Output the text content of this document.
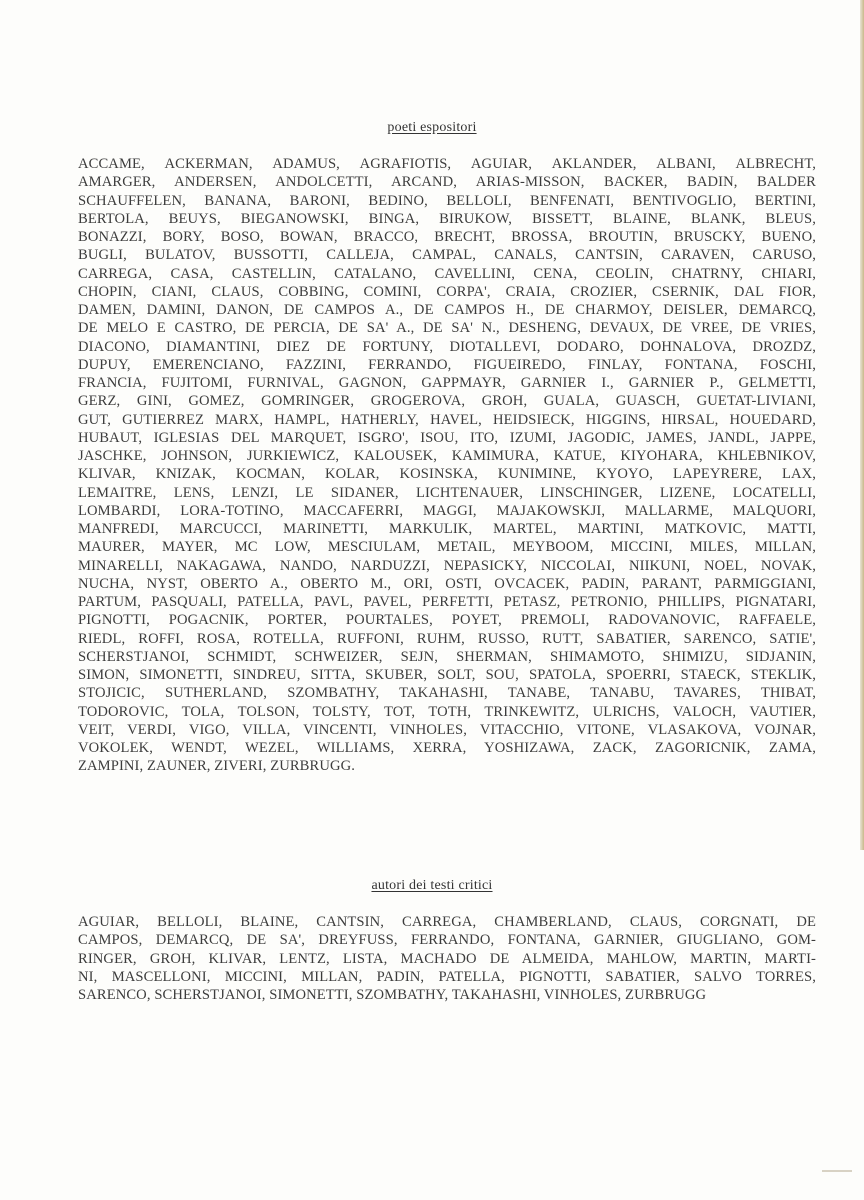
poeti espositori
ACCAME, ACKERMAN, ADAMUS, AGRAFIOTIS, AGUIAR, AKLANDER, ALBANI, ALBRECHT,
AMARGER, ANDERSEN, ANDOLCETTI, ARCAND, ARIAS-MISSON, BACKER, BADIN, BALDER
SCHAUFFELEN, BANANA, BARONI, BEDINO, BELLOLI, BENFENATI, BENTIVOGLIO, BERTINI,
BERTOLA, BEUYS, BIEGANOWSKI, BINGA, BIRUKOW, BISSETT, BLAINE, BLANK, BLEUS,
BONAZZI, BORY, BOSO, BOWAN, BRACCO, BRECHT, BROSSA, BROUTIN, BRUSCKY, BUENO,
BUGLI, BULATOV, BUSSOTTI, CALLEJA, CAMPAL, CANALS, CANTSIN, CARAVEN, CARUSO,
CARREGA, CASA, CASTELLIN, CATALANO, CAVELLINI, CENA, CEOLIN, CHATRNY, CHIARI,
CHOPIN, CIANI, CLAUS, COBBING, COMINI, CORPA', CRAIA, CROZIER, CSERNIK, DAL FIOR,
DAMEN, DAMINI, DANON, DE CAMPOS A., DE CAMPOS H., DE CHARMOY, DEISLER, DEMARCQ,
DE MELO E CASTRO, DE PERCIA, DE SA' A., DE SA' N., DESHENG, DEVAUX, DE VREE, DE VRIES,
DIACONO, DIAMANTINI, DIEZ DE FORTUNY, DIOTALLEVI, DODARO, DOHNALOVA, DROZDZ,
DUPUY, EMERENCIANO, FAZZINI, FERRANDO, FIGUEIREDO, FINLAY, FONTANA, FOSCHI,
FRANCIA, FUJITOMI, FURNIVAL, GAGNON, GAPPMAYR, GARNIER I., GARNIER P., GELMETTI,
GERZ, GINI, GOMEZ, GOMRINGER, GROGEROVA, GROH, GUALA, GUASCH, GUETAT-LIVIANI,
GUT, GUTIERREZ MARX, HAMPL, HATHERLY, HAVEL, HEIDSIECK, HIGGINS, HIRSAL, HOUEDARD,
HUBAUT, IGLESIAS DEL MARQUET, ISGRO', ISOU, ITO, IZUMI, JAGODIC, JAMES, JANDL, JAPPE,
JASCHKE, JOHNSON, JURKIEWICZ, KALOUSEK, KAMIMURA, KATUE, KIYOHARA, KHLEBNIKOV,
KLIVAR, KNIZAK, KOCMAN, KOLAR, KOSINSKA, KUNIMINE, KYOYO, LAPEYRERE, LAX,
LEMAITRE, LENS, LENZI, LE SIDANER, LICHTENAUER, LINSCHINGER, LIZENE, LOCATELLI,
LOMBARDI, LORA-TOTINO, MACCAFERRI, MAGGI, MAJAKOWSKJI, MALLARME, MALQUORI,
MANFREDI, MARCUCCI, MARINETTI, MARKULIK, MARTEL, MARTINI, MATKOVIC, MATTI,
MAURER, MAYER, MC LOW, MESCIULAM, METAIL, MEYBOOM, MICCINI, MILES, MILLAN,
MINARELLI, NAKAGAWA, NANDO, NARDUZZI, NEPASICKY, NICCOLAI, NIIKUNI, NOEL, NOVAK,
NUCHA, NYST, OBERTO A., OBERTO M., ORI, OSTI, OVCACEK, PADIN, PARANT, PARMIGGIANI,
PARTUM, PASQUALI, PATELLA, PAVL, PAVEL, PERFETTI, PETASZ, PETRONIO, PHILLIPS, PIGNATARI,
PIGNOTTI, POGACNIK, PORTER, POURTALES, POYET, PREMOLI, RADOVANOVIC, RAFFAELE,
RIEDL, ROFFI, ROSA, ROTELLA, RUFFONI, RUHM, RUSSO, RUTT, SABATIER, SARENCO, SATIE',
SCHERSTJANOI, SCHMIDT, SCHWEIZER, SEJN, SHERMAN, SHIMAMOTO, SHIMIZU, SIDJANIN,
SIMON, SIMONETTI, SINDREU, SITTA, SKUBER, SOLT, SOU, SPATOLA, SPOERRI, STAECK, STEKLIK,
STOJICIC, SUTHERLAND, SZOMBATHY, TAKAHASHI, TANABE, TANABU, TAVARES, THIBAT,
TODOROVIC, TOLA, TOLSON, TOLSTY, TOT, TOTH, TRINKEWITZ, ULRICHS, VALOCH, VAUTIER,
VEIT, VERDI, VIGO, VILLA, VINCENTI, VINHOLES, VITACCHIO, VITONE, VLASAKOVA, VOJNAR,
VOKOLEK, WENDT, WEZEL, WILLIAMS, XERRA, YOSHIZAWA, ZACK, ZAGORICNIK, ZAMA,
ZAMPINI, ZAUNER, ZIVERI, ZURBRUGG.
autori dei testi critici
AGUIAR, BELLOLI, BLAINE, CANTSIN, CARREGA, CHAMBERLAND, CLAUS, CORGNATI, DE
CAMPOS, DEMARCQ, DE SA', DREYFUSS, FERRANDO, FONTANA, GARNIER, GIUGLIANO, GOM-
RINGER, GROH, KLIVAR, LENTZ, LISTA, MACHADO DE ALMEIDA, MAHLOW, MARTIN, MARTI-
NI, MASCELLONI, MICCINI, MILLAN, PADIN, PATELLA, PIGNOTTI, SABATIER, SALVO TORRES,
SARENCO, SCHERSTJANOI, SIMONETTI, SZOMBATHY, TAKAHASHI, VINHOLES, ZURBRUGG
